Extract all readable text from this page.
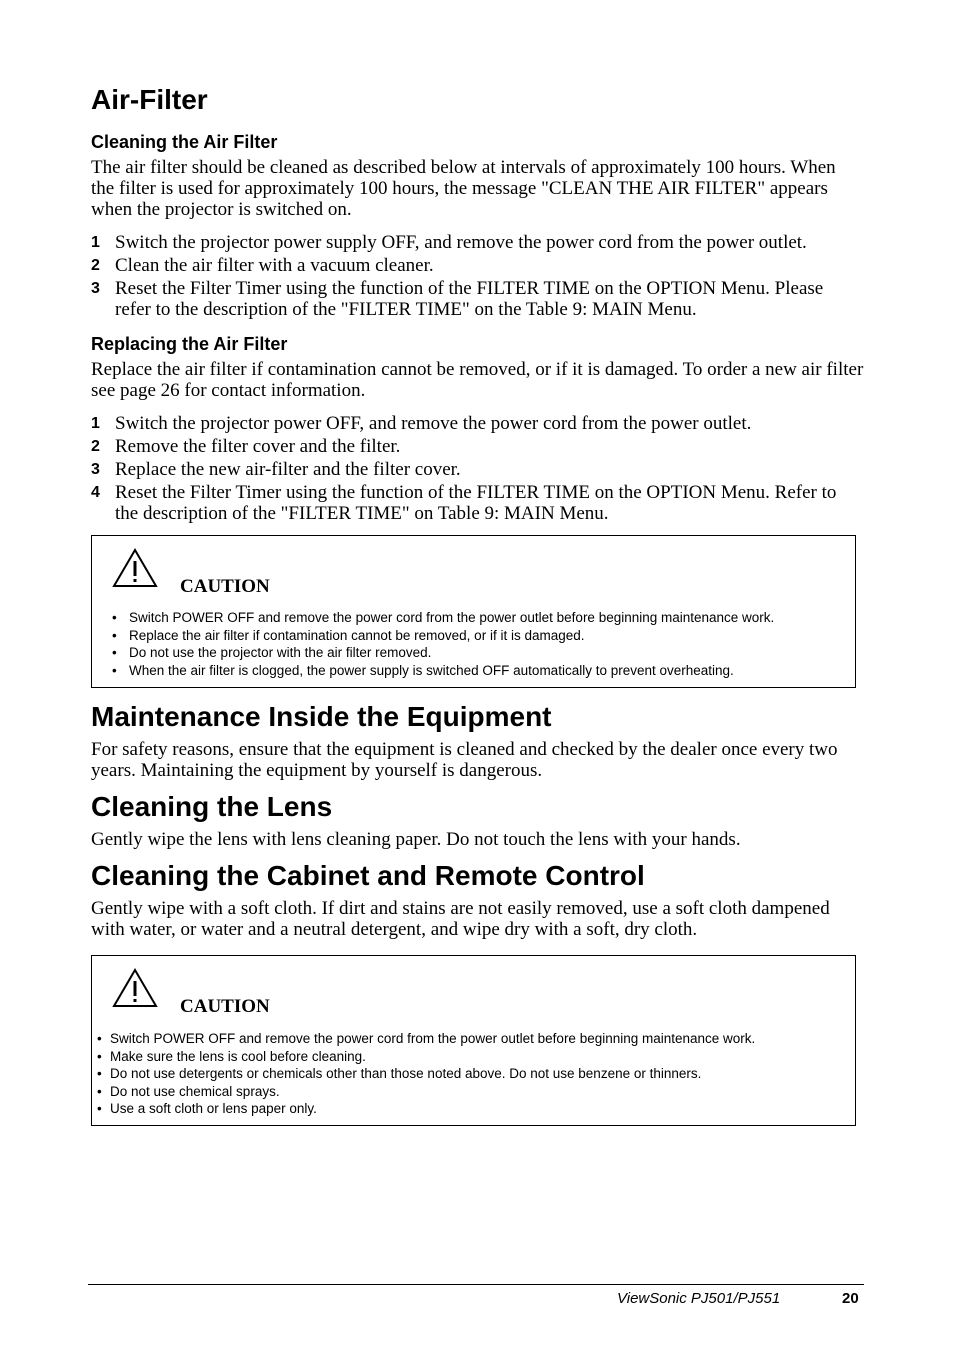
Air-Filter
Cleaning the Air Filter
The air filter should be cleaned as described below at intervals of approximately 100 hours. When
the filter is used for approximately 100 hours, the message "CLEAN THE AIR FILTER" appears
when the projector is switched on.
1 Switch the projector power supply OFF, and remove the power cord from the power outlet.
2 Clean the air filter with a vacuum cleaner.
3 Reset the Filter Timer using the function of the FILTER TIME on the OPTION Menu. Please
refer to the description of the "FILTER TIME" on the Table 9: MAIN Menu.
Replacing the Air Filter
Replace the air filter if contamination cannot be removed, or if it is damaged. To order a new air filter
see page 26 for contact information.
1 Switch the projector power OFF, and remove the power cord from the power outlet.
2 Remove the filter cover and the filter.
3 Replace the new air-filter and the filter cover.
4 Reset the Filter Timer using the function of the FILTER TIME on the OPTION Menu. Refer to
the description of the "FILTER TIME" on Table 9: MAIN Menu.
CAUTION
• Switch POWER OFF and remove the power cord from the power outlet before beginning maintenance work.
• Replace the air filter if contamination cannot be removed, or if it is damaged.
• Do not use the projector with the air filter removed.
• When the air filter is clogged, the power supply is switched OFF automatically to prevent overheating.
Maintenance Inside the Equipment
For safety reasons, ensure that the equipment is cleaned and checked by the dealer once every two
years. Maintaining the equipment by yourself is dangerous.
Cleaning the Lens
Gently wipe the lens with lens cleaning paper. Do not touch the lens with your hands.
Cleaning the Cabinet and Remote Control
Gently wipe with a soft cloth. If dirt and stains are not easily removed, use a soft cloth dampened
with water, or water and a neutral detergent, and wipe dry with a soft, dry cloth.
CAUTION
• Switch POWER OFF and remove the power cord from the power outlet before beginning maintenance work.
• Make sure the lens is cool before cleaning.
• Do not use detergents or chemicals other than those noted above. Do not use benzene or thinners.
• Do not use chemical sprays.
• Use a soft cloth or lens paper only.
ViewSonic PJ501/PJ551	20
